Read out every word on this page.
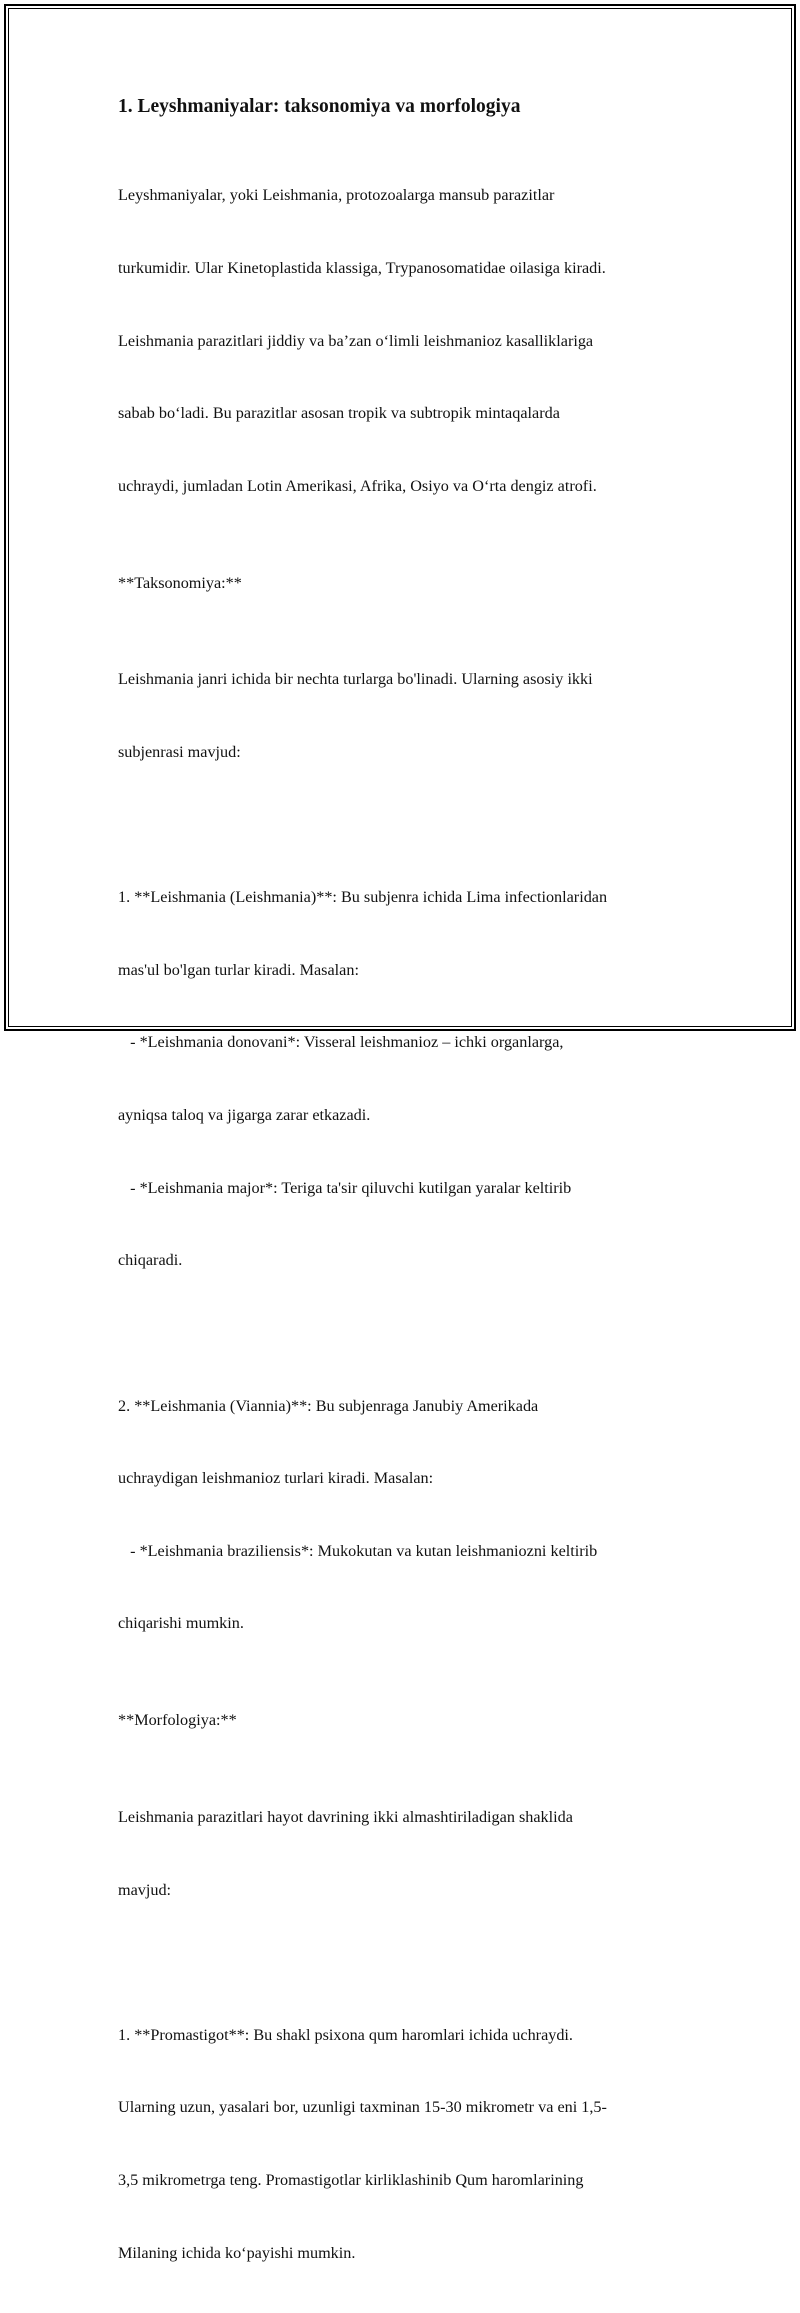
1. Leyshmaniyalar: taksonomiya va morfologiya

Leyshmaniyalar, yoki Leishmania, protozoalarga mansub parazitlar

turkumidir. Ular Kinetoplastida klassiga, Trypanosomatidae oilasiga kiradi.

Leishmania parazitlari jiddiy va ba’zan o‘limli leishmanioz kasalliklariga

sabab bo‘ladi. Bu parazitlar asosan tropik va subtropik mintaqalarda

uchraydi, jumladan Lotin Amerikasi, Afrika, Osiyo va O‘rta dengiz atrofi.

**Taksonomiya:**

Leishmania janri ichida bir nechta turlarga bo'linadi. Ularning asosiy ikki

subjenrasi mavjud:

1. **Leishmania (Leishmania)**: Bu subjenra ichida Lima infectionlaridan

mas'ul bo'lgan turlar kiradi. Masalan:

- *Leishmania donovani*: Visseral leishmanioz – ichki organlarga,

ayniqsa taloq va jigarga zarar etkazadi.

- *Leishmania major*: Teriga ta'sir qiluvchi kutilgan yaralar keltirib

chiqaradi.

2. **Leishmania (Viannia)**: Bu subjenraga Janubiy Amerikada

uchraydigan leishmanioz turlari kiradi. Masalan:

- *Leishmania braziliensis*: Mukokutan va kutan leishmaniozni keltirib

chiqarishi mumkin.

**Morfologiya:**

Leishmania parazitlari hayot davrining ikki almashtiriladigan shaklida

mavjud:

1. **Promastigot**: Bu shakl psixona qum haromlari ichida uchraydi.

Ularning uzun, yasalari bor, uzunligi taxminan 15-30 mikrometr va eni 1,5-

3,5 mikrometrga teng. Promastigotlar kirliklashinib Qum haromlarining

Milaning ichida ko‘payishi mumkin.
